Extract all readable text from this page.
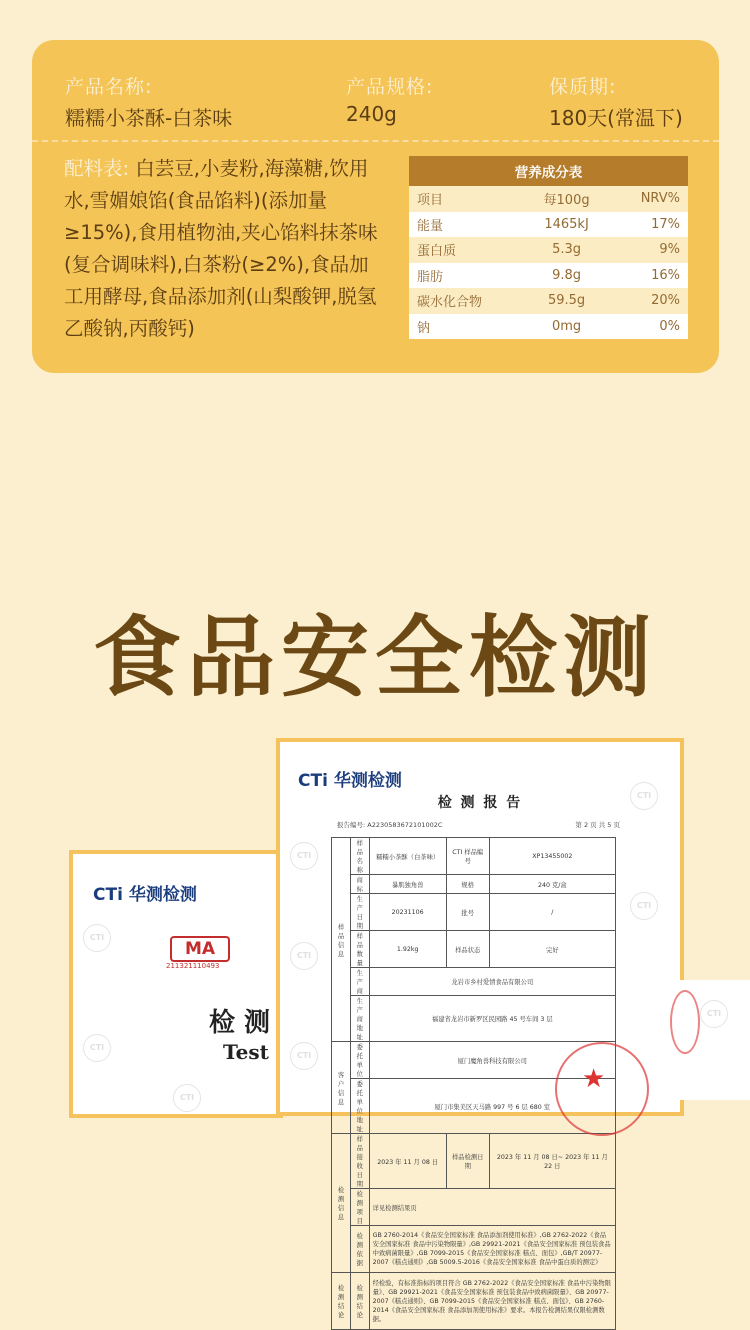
产品名称:
糯糯小茶酥-白茶味
产品规格:
240g
保质期:
180天(常温下)
配料表: 白芸豆,小麦粉,海藻糖,饮用水,雪媚娘馅(食品馅料)(添加量≥15%),食用植物油,夹心馅料抹茶味(复合调味料),白茶粉(≥2%),食品加工用酵母,食品添加剂(山梨酸钾,脱氢乙酸钠,丙酸钙)
营养成分表		
项目	每100g	NRV%
能量	1465kJ	17%
蛋白质	5.3g	9%
脂肪	9.8g	16%
碳水化合物	59.5g	20%
钠	0mg	0%
食品安全检测
CTi 华测检测
MA
211321110493
检 测
Test
CTI
CTI
CTI
CTi 华测检测
检 测 报 告
报告编号: A2230583672101002C	第 2 页 共 5 页
样品信息	样品名称	糯糯小茶酥（白茶味）	CTI 样品编号	XP13455002
	商标	暴肌独角兽	规格	240 克/盒
	生产日期	20231106	批号	/
	样品数量	1.92kg	样品状态	完好
	生产商	龙岩市乡村爱情食品有限公司		
	生产商地址	福建省龙岩市新罗区民园路 45 号车间 3 层		
客户信息	委托单位	厦门魔角兽科技有限公司		
	委托单位地址	厦门市集美区天马路 997 号 6 层 680 室		
检测信息	样品接收日期	2023 年 11 月 08 日	样品检测日期	2023 年 11 月 08 日~ 2023 年 11 月 22 日
	检测项目	详见检测结果页		
	检测依据	GB 2760-2014《食品安全国家标准 食品添加剂使用标准》,GB 2762-2022《食品安全国家标准 食品中污染物限量》,GB 29921-2021《食品安全国家标准 预包装食品中致病菌限量》,GB 7099-2015《食品安全国家标准 糕点、面包》,GB/T 20977-2007《糕点通则》,GB 5009.5-2016《食品安全国家标准 食品中蛋白质的测定》		
检测结论	检测结论	经检验，有标准指标的项目符合 GB 2762-2022《食品安全国家标准 食品中污染物限量》、GB 29921-2021《食品安全国家标准 预包装食品中致病菌限量》、GB 20977-2007《糕点通则》、GB 7099-2015《食品安全国家标准 糕点、面包》、GB 2760-2014《食品安全国家标准 食品添加剂使用标准》要求。本报告检测结果仅限检测数据。		
★
CTI
CTI
CTI
CTI
CTI
CTI
